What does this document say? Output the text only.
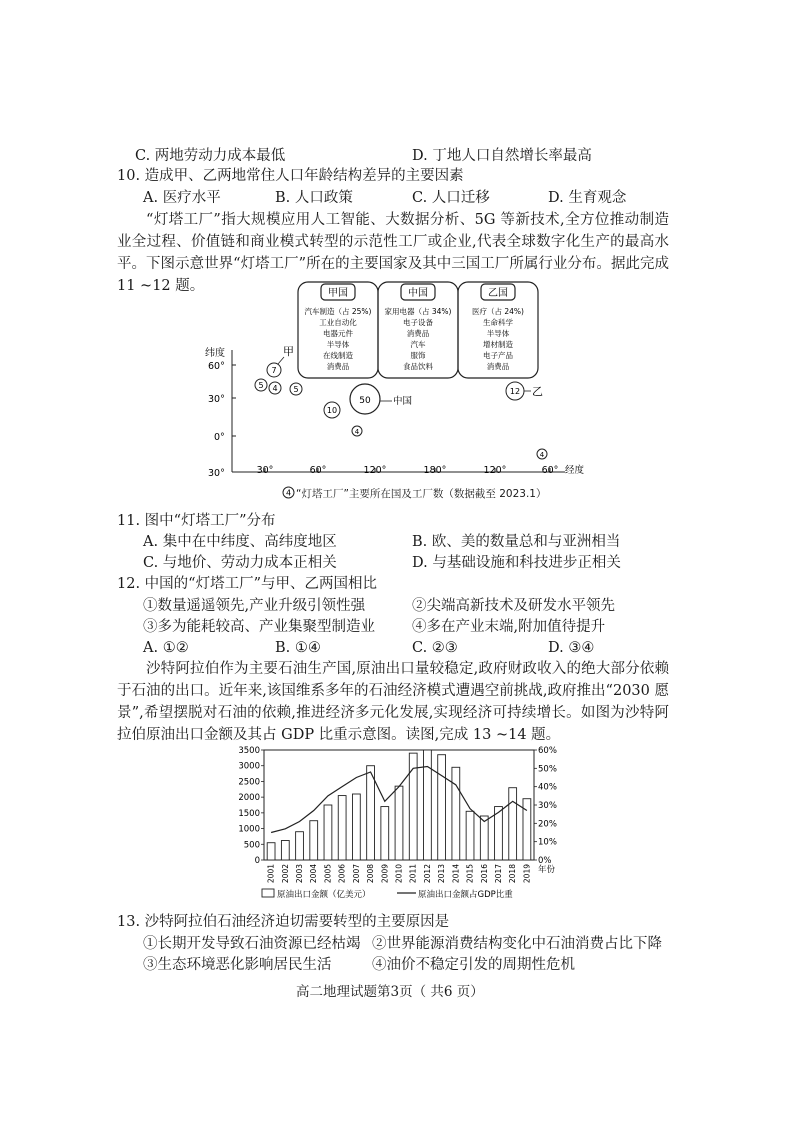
C. 两地劳动力成本最低	D. 丁地人口自然增长率最高
10. 造成甲、乙两地常住人口年龄结构差异的主要因素
A. 医疗水平	B. 人口政策	C. 人口迁移	D. 生育观念
“灯塔工厂”指大规模应用人工智能、大数据分析、5G 等新技术,全方位推动制造业全过程、价值链和商业模式转型的示范性工厂或企业,代表全球数字化生产的最高水平。下图示意世界“灯塔工厂”所在的主要国家及其中三国工厂所属行业分布。据此完成 11 ~12 题。	甲国
汽车制造（占 25%)
工业自动化
电器元件
半导体
在线制造
消费品
中国
家用电器（占 34%)
电子设备
消费品
汽车
服饰
食品饮料
乙国
医疗（占 24%)
生命科学
半导体
增材制造
电子产品
消费品
纬度
60°
30°
0°
30°	30°	60°	120°	180°	120°	60° 经度
7
甲
5 4 5
50 中国
10
4
12 乙
4
4 “灯塔工厂”主要所在国及工厂数（数据截至 2023.1）
11. 图中“灯塔工厂”分布
A. 集中在中纬度、高纬度地区	B. 欧、美的数量总和与亚洲相当
C. 与地价、劳动力成本正相关	D. 与基础设施和科技进步正相关
12. 中国的“灯塔工厂”与甲、乙两国相比
①数量遥遥领先,产业升级引领性强	②尖端高新技术及研发水平领先
③多为能耗较高、产业集聚型制造业	④多在产业末端,附加值待提升
A. ①②	B. ①④	C. ②③	D. ③④
沙特阿拉伯作为主要石油生产国,原油出口量较稳定,政府财政收入的绝大部分依赖于石油的出口。近年来,该国维系多年的石油经济模式遭遇空前挑战,政府推出“2030 愿景”,希望摆脱对石油的依赖,推进经济多元化发展,实现经济可持续增长。如图为沙特阿拉伯原油出口金额及其占 GDP 比重示意图。读图,完成 13 ~14 题。
0
500
1000
1500
2000
2500
3000
3500
0%
10%
20%
30%
40%
50%
60%
2001 2002 2003 2004 2005 2006 2007 2008 2009 2010 2011 2012 2013 2014 2015 2016 2017 2018 2019 年份
原油出口金额（亿美元）	原油出口金额占GDP比重
13. 沙特阿拉伯石油经济迫切需要转型的主要原因是
①长期开发导致石油资源已经枯竭 ②世界能源消费结构变化中石油消费占比下降
③生态环境恶化影响居民生活	④油价不稳定引发的周期性危机
高二地理试题第3页（ 共6 页）
